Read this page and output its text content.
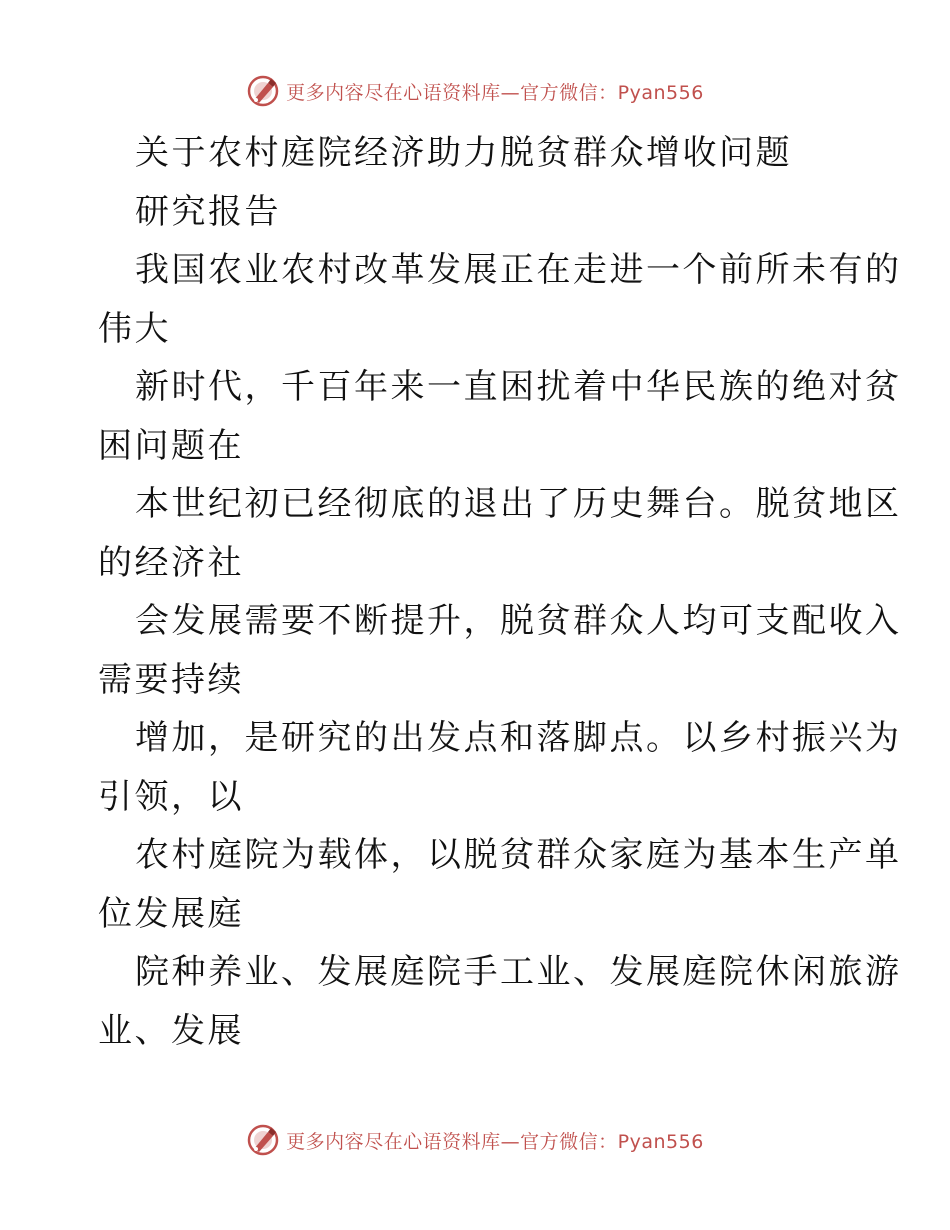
更多内容尽在心语资料库—官方微信：Pyan556
关于农村庭院经济助力脱贫群众增收问题
研究报告
我国农业农村改革发展正在走进一个前所未有的
伟大
新时代，千百年来一直困扰着中华民族的绝对贫
困问题在
本世纪初已经彻底的退出了历史舞台。脱贫地区
的经济社
会发展需要不断提升，脱贫群众人均可支配收入
需要持续
增加，是研究的出发点和落脚点。以乡村振兴为
引领，以
农村庭院为载体，以脱贫群众家庭为基本生产单
位发展庭
院种养业、发展庭院手工业、发展庭院休闲旅游
业、发展
更多内容尽在心语资料库—官方微信：Pyan556
